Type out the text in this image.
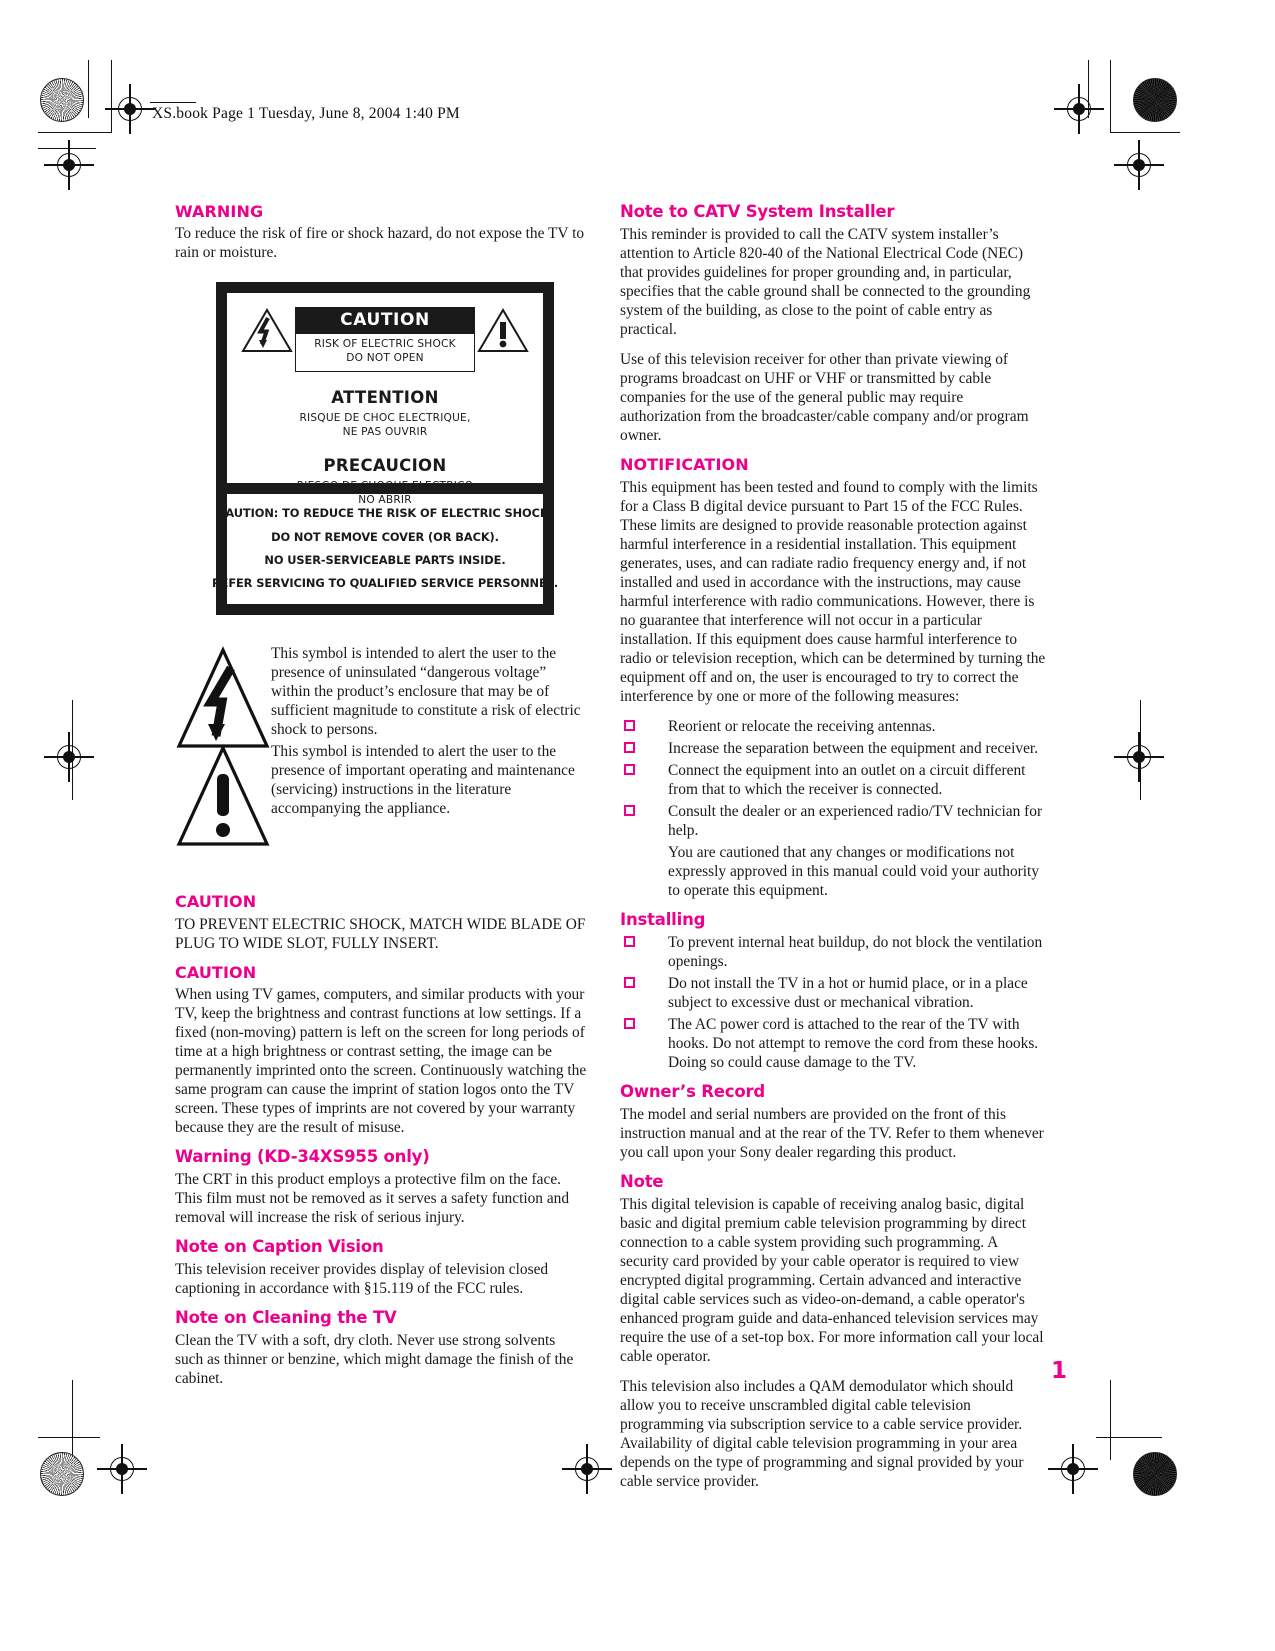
XS.book Page 1 Tuesday, June 8, 2004 1:40 PM
WARNING

To reduce the risk of fire or shock hazard, do not expose the TV to rain or moisture.

CAUTION

TO PREVENT ELECTRIC SHOCK, MATCH WIDE BLADE OF PLUG TO WIDE SLOT, FULLY INSERT.

CAUTION

When using TV games, computers, and similar products with your TV, keep the brightness and contrast functions at low settings. If a fixed (non-moving) pattern is left on the screen for long periods of time at a high brightness or contrast setting, the image can be permanently imprinted onto the screen. Continuously watching the same program can cause the imprint of station logos onto the TV screen. These types of imprints are not covered by your warranty because they are the result of misuse.

Warning (KD-34XS955 only)

The CRT in this product employs a protective film on the face. This film must not be removed as it serves a safety function and removal will increase the risk of serious injury.

Note on Caption Vision

This television receiver provides display of television closed captioning in accordance with §15.119 of the FCC rules.

Note on Cleaning the TV

Clean the TV with a soft, dry cloth. Never use strong solvents such as thinner or benzine, which might damage the finish of the cabinet.

CAUTION
RISK OF ELECTRIC SHOCK
DO NOT OPEN
ATTENTION
RISQUE DE CHOC ELECTRIQUE,
NE PAS OUVRIR
PRECAUCION
NO ABRIR
CAUTION: TO REDUCE THE RISK OF ELECTRIC SHOCK,
DO NOT REMOVE COVER (OR BACK).
NO USER-SERVICEABLE PARTS INSIDE.
REFER SERVICING TO QUALIFIED SERVICE PERSONNEL.
This symbol is intended to alert the user to the presence of uninsulated “dangerous voltage” within the product’s enclosure that may be of sufficient magnitude to constitute a risk of electric shock to persons.
This symbol is intended to alert the user to the presence of important operating and maintenance (servicing) instructions in the literature accompanying the appliance.
Note to CATV System Installer

This reminder is provided to call the CATV system installer’s attention to Article 820-40 of the National Electrical Code (NEC) that provides guidelines for proper grounding and, in particular, specifies that the cable ground shall be connected to the grounding system of the building, as close to the point of cable entry as practical.

Use of this television receiver for other than private viewing of programs broadcast on UHF or VHF or transmitted by cable companies for the use of the general public may require authorization from the broadcaster/cable company and/or program owner.

NOTIFICATION

This equipment has been tested and found to comply with the limits for a Class B digital device pursuant to Part 15 of the FCC Rules. These limits are designed to provide reasonable protection against harmful interference in a residential installation. This equipment generates, uses, and can radiate radio frequency energy and, if not installed and used in accordance with the instructions, may cause harmful interference with radio communications. However, there is no guarantee that interference will not occur in a particular installation. If this equipment does cause harmful interference to radio or television reception, which can be determined by turning the equipment off and on, the user is encouraged to try to correct the interference by one or more of the following measures:

Reorient or relocate the receiving antennas.
Increase the separation between the equipment and receiver.
Connect the equipment into an outlet on a circuit different from that to which the receiver is connected.
Consult the dealer or an experienced radio/TV technician for help.
You are cautioned that any changes or modifications not expressly approved in this manual could void your authority to operate this equipment.
Installing
To prevent internal heat buildup, do not block the ventilation openings.
Do not install the TV in a hot or humid place, or in a place subject to excessive dust or mechanical vibration.
The AC power cord is attached to the rear of the TV with hooks. Do not attempt to remove the cord from these hooks. Doing so could cause damage to the TV.
Owner’s Record

The model and serial numbers are provided on the front of this instruction manual and at the rear of the TV. Refer to them whenever you call upon your Sony dealer regarding this product.

Note

This digital television is capable of receiving analog basic, digital basic and digital premium cable television programming by direct connection to a cable system providing such programming. A security card provided by your cable operator is required to view encrypted digital programming. Certain advanced and interactive digital cable services such as video-on-demand, a cable operator's enhanced program guide and data-enhanced television services may require the use of a set-top box. For more information call your local cable operator.

This television also includes a QAM demodulator which should allow you to receive unscrambled digital cable television programming via subscription service to a cable service provider. Availability of digital cable television programming in your area depends on the type of programming and signal provided by your cable service provider.

1
